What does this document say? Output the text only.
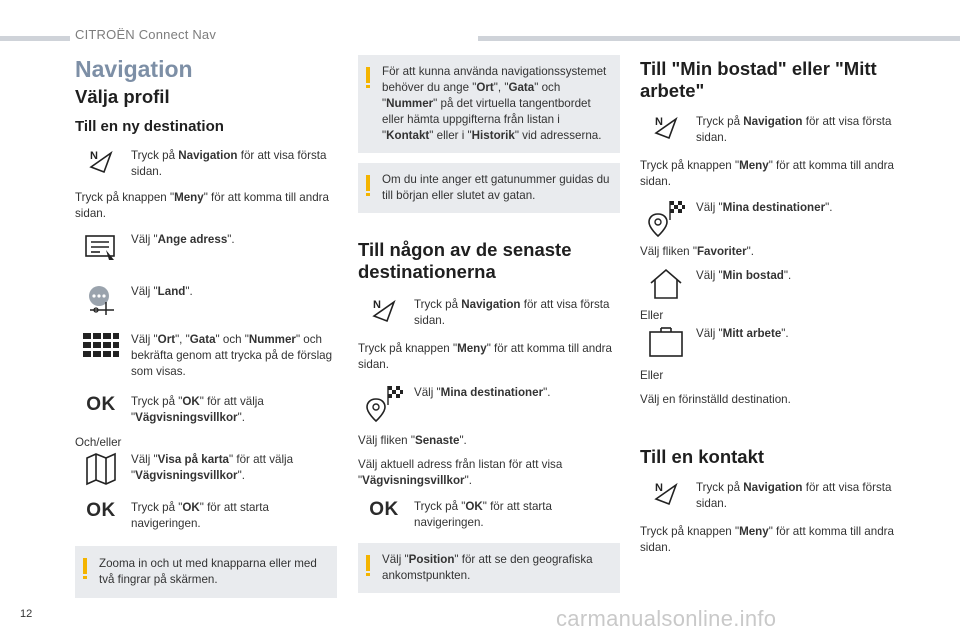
CITROËN Connect Nav
Navigation
Välja profil
Till en ny destination
N	Tryck på Navigation för att visa första sidan.

Tryck på knappen "Meny" för att komma till andra sidan.

Välj "Ange adress".
Välj "Land".
Välj "Ort", "Gata" och "Nummer" och bekräfta genom att trycka på de förslag som visas.
OK	Tryck på "OK" för att välja "Vägvisningsvillkor".

Och/eller

Välj "Visa på karta" för att välja "Vägvisningsvillkor".
OK	Tryck på "OK" för att starta navigeringen.

Zooma in och ut med knapparna eller med två fingrar på skärmen.

För att kunna använda navigationssystemet behöver du ange "Ort", "Gata" och "Nummer" på det virtuella tangentbordet eller hämta uppgifterna från listan i "Kontakt" eller i "Historik" vid adresserna.

Om du inte anger ett gatunummer guidas du till början eller slutet av gatan.

Till någon av de senaste destinationerna
N	Tryck på Navigation för att visa första sidan.

Tryck på knappen "Meny" för att komma till andra sidan.

Välj "Mina destinationer".

Välj fliken "Senaste".

Välj aktuell adress från listan för att visa "Vägvisningsvillkor".

OK	Tryck på "OK" för att starta navigeringen.

Välj "Position" för att se den geografiska ankomstpunkten.

Till "Min bostad" eller "Mitt arbete"
N	Tryck på Navigation för att visa första sidan.

Tryck på knappen "Meny" för att komma till andra sidan.

Välj "Mina destinationer".

Välj fliken "Favoriter".

Välj "Min bostad".

Eller

Välj "Mitt arbete".

Eller

Välj en förinställd destination.

Till en kontakt
N	Tryck på Navigation för att visa första sidan.

Tryck på knappen "Meny" för att komma till andra sidan.

12	carmanualsonline.info
